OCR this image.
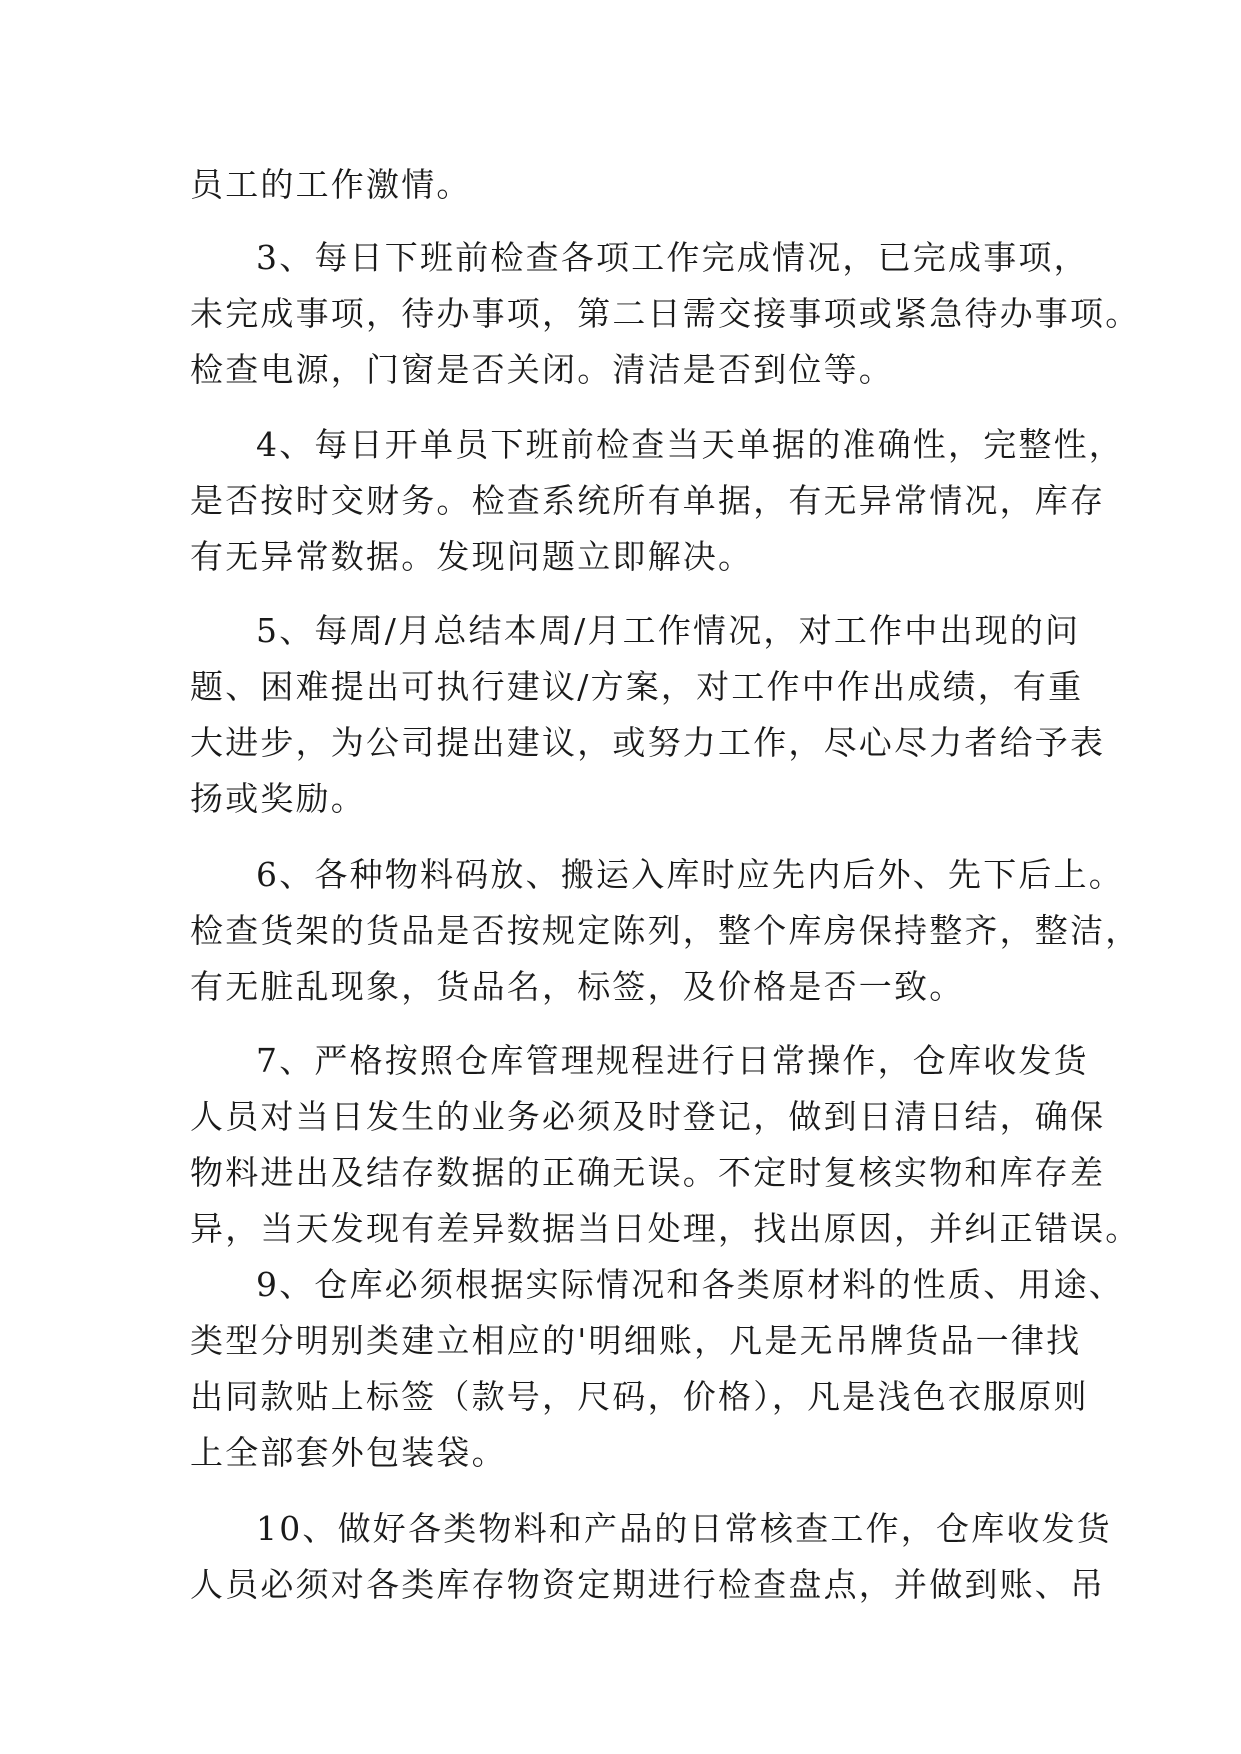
员工的工作激情。
3、每日下班前检查各项工作完成情况，已完成事项，
未完成事项，待办事项，第二日需交接事项或紧急待办事项。
检查电源，门窗是否关闭。清洁是否到位等。
4、每日开单员下班前检查当天单据的准确性，完整性，
是否按时交财务。检查系统所有单据，有无异常情况，库存
有无异常数据。发现问题立即解决。
5、每周/月总结本周/月工作情况，对工作中出现的问
题、困难提出可执行建议/方案，对工作中作出成绩，有重
大进步，为公司提出建议，或努力工作，尽心尽力者给予表
扬或奖励。
6、各种物料码放、搬运入库时应先内后外、先下后上。
检查货架的货品是否按规定陈列，整个库房保持整齐，整洁，
有无脏乱现象，货品名，标签，及价格是否一致。
7、严格按照仓库管理规程进行日常操作，仓库收发货
人员对当日发生的业务必须及时登记，做到日清日结，确保
物料进出及结存数据的正确无误。不定时复核实物和库存差
异，当天发现有差异数据当日处理，找出原因，并纠正错误。
9、仓库必须根据实际情况和各类原材料的性质、用途、
类型分明别类建立相应的'明细账，凡是无吊牌货品一律找
出同款贴上标签（款号，尺码，价格），凡是浅色衣服原则
上全部套外包装袋。
10、做好各类物料和产品的日常核查工作，仓库收发货
人员必须对各类库存物资定期进行检查盘点，并做到账、吊
